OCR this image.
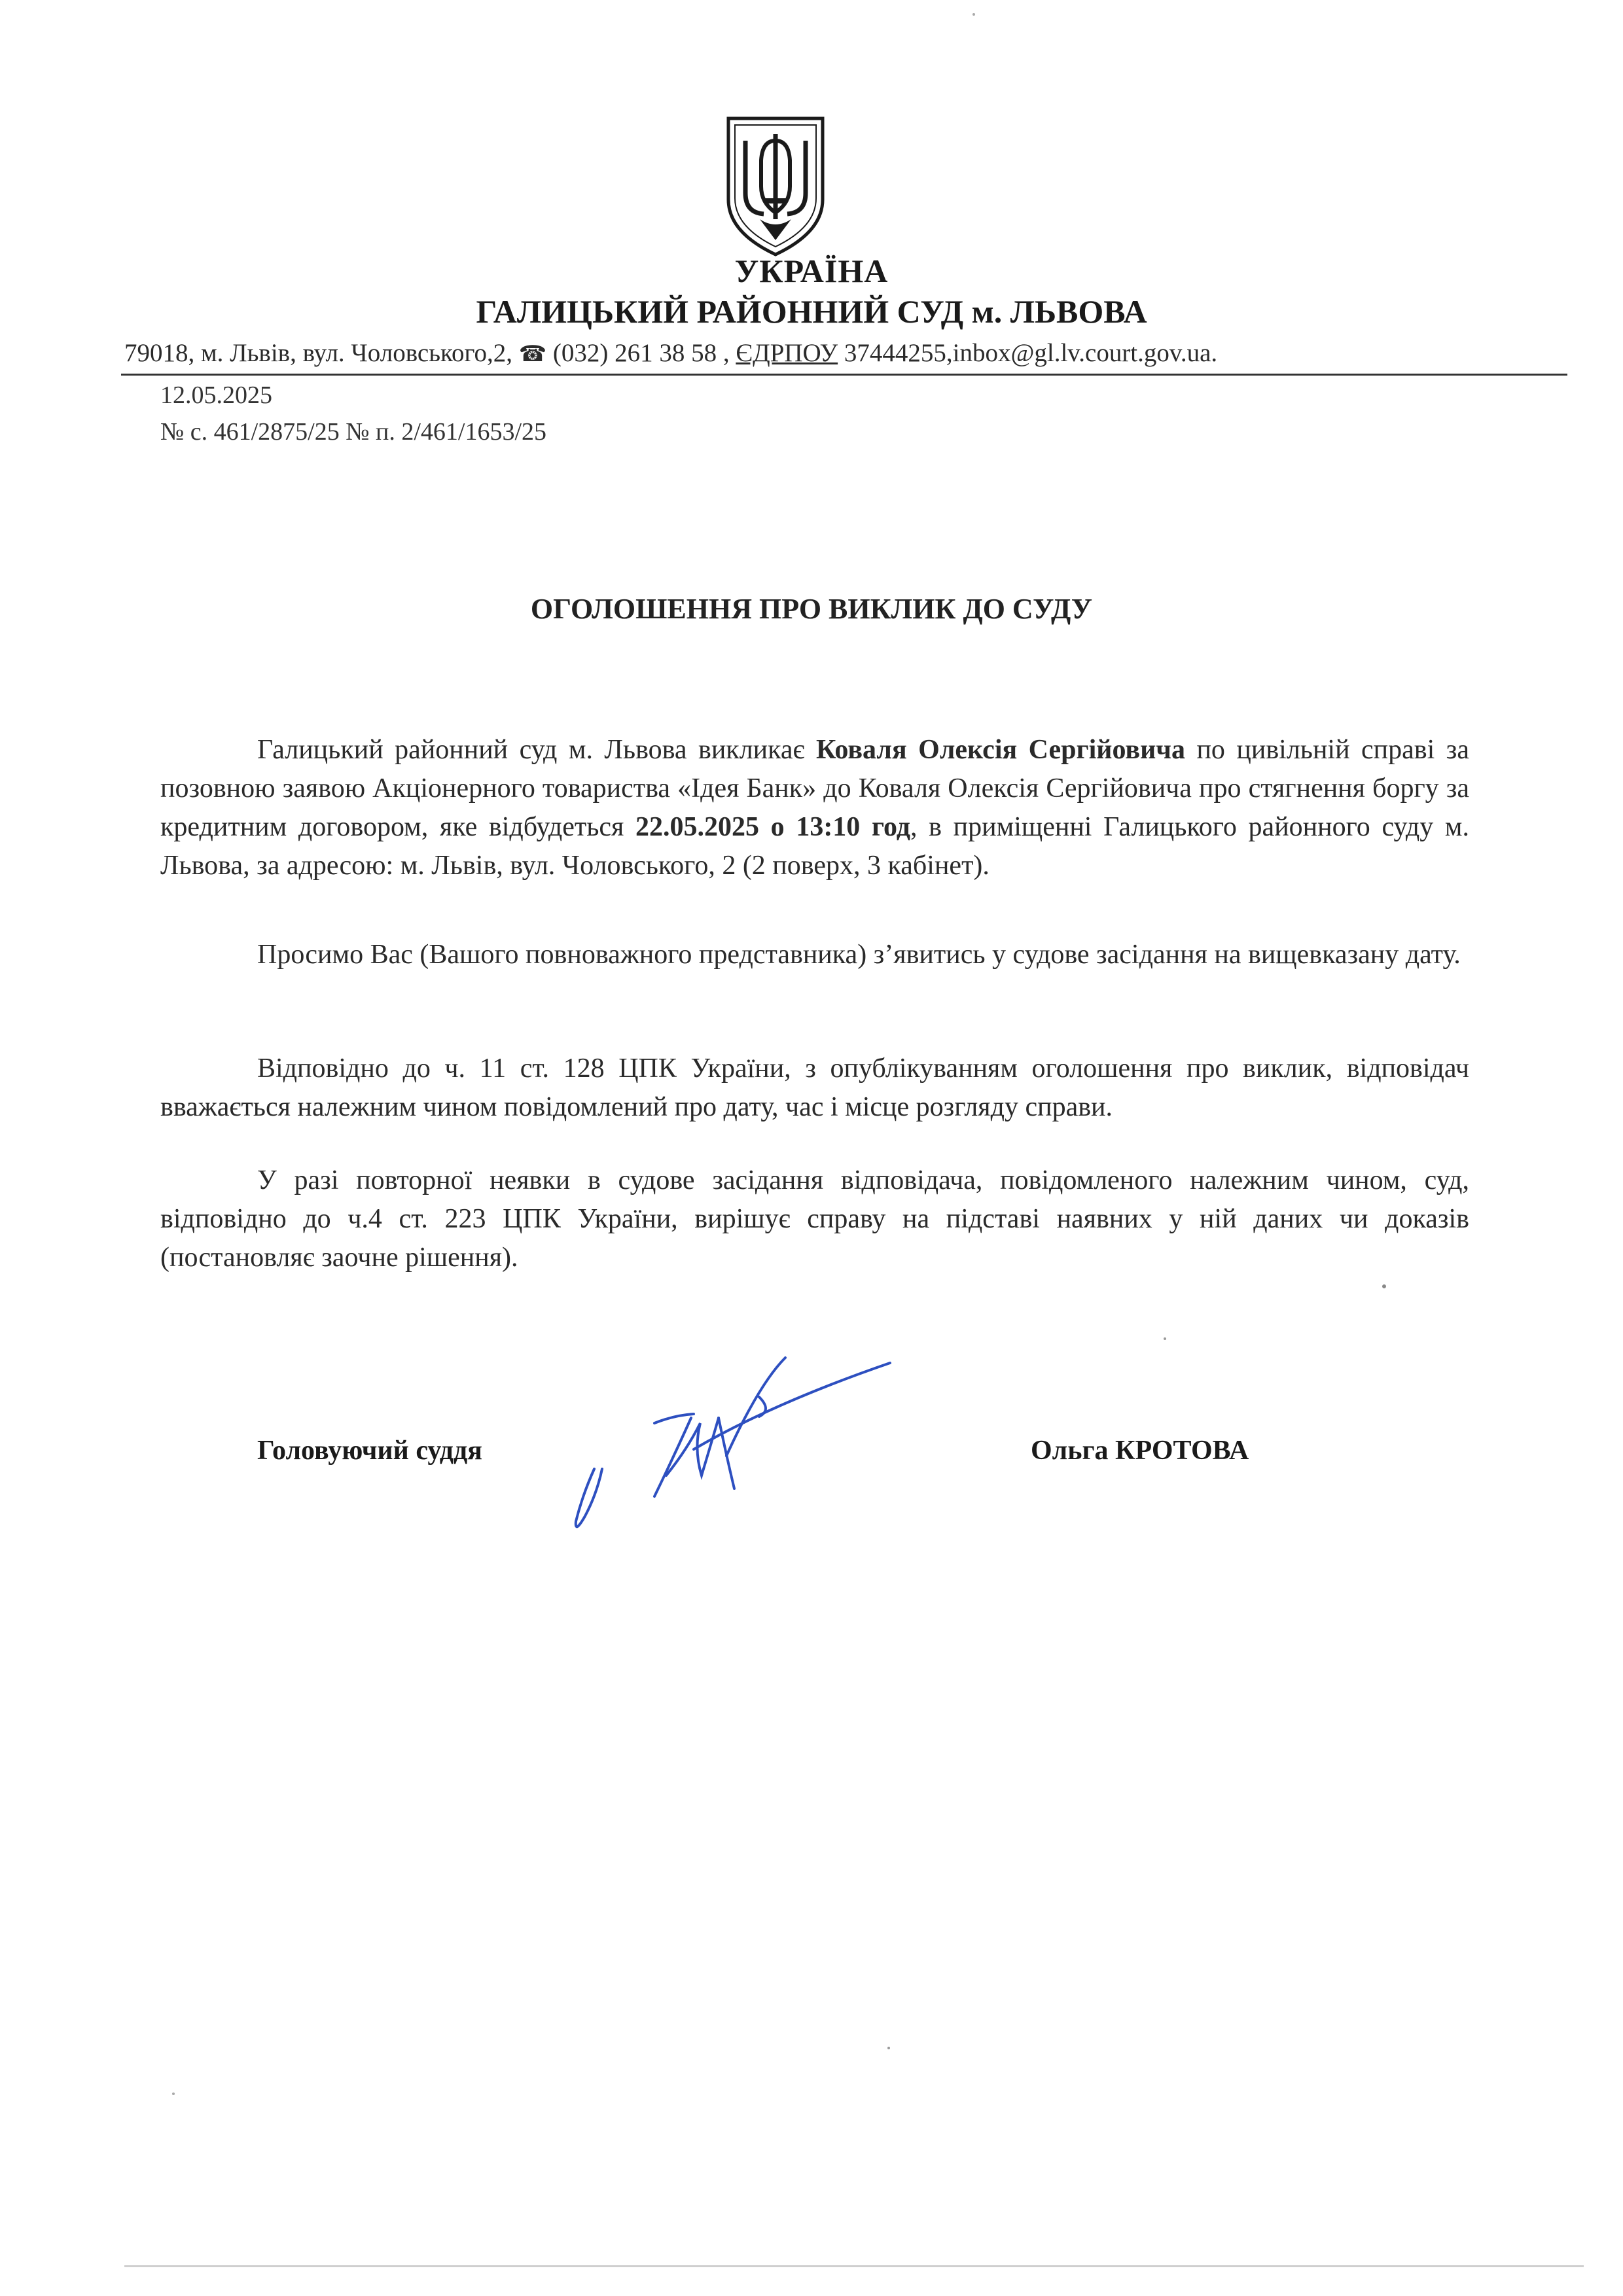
УКРАЇНА
ГАЛИЦЬКИЙ РАЙОННИЙ СУД м. ЛЬВОВА
79018, м. Львів, вул. Чоловського,2, ☎ (032) 261 38 58 , ЄДРПОУ 37444255,inbox@gl.lv.court.gov.ua.
12.05.2025
№ с. 461/2875/25 № п. 2/461/1653/25
ОГОЛОШЕННЯ ПРО ВИКЛИК ДО СУДУ

Галицький районний суд м. Львова викликає Коваля Олексія Сергійовича по цивільній справі за позовною заявою Акціонерного товариства «Ідея Банк» до Коваля Олексія Сергійовича про стягнення боргу за кредитним договором, яке відбудеться 22.05.2025 о 13:10 год, в приміщенні Галицького районного суду м. Львова, за адресою: м. Львів, вул. Чоловського, 2 (2 поверх, 3 кабінет).

Просимо Вас (Вашого повноважного представника) з’явитись у судове засідання на вищевказану дату.

Відповідно до ч. 11 ст. 128 ЦПК України, з опублікуванням оголошення про виклик, відповідач вважається належним чином повідомлений про дату, час і місце розгляду справи.

У разі повторної неявки в судове засідання відповідача, повідомленого належним чином, суд, відповідно до ч.4 ст. 223 ЦПК України, вирішує справу на підставі наявних у ній даних чи доказів (постановляє заочне рішення).

Головуючий суддя	Ольга КРОТОВА
